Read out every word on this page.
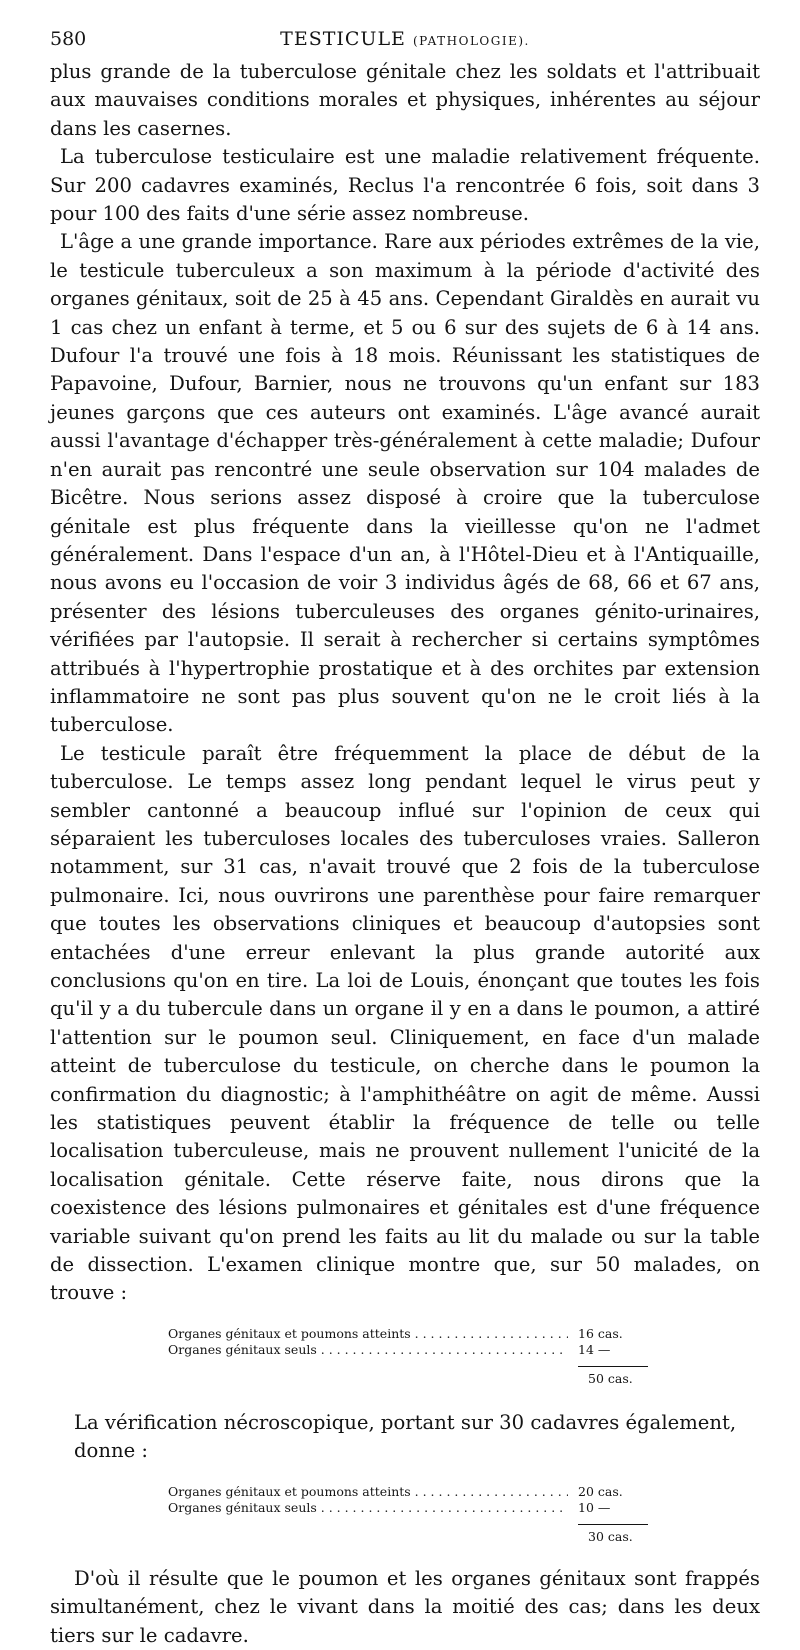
580	TESTICULE (PATHOLOGIE).

plus grande de la tuberculose génitale chez les soldats et l'attribuait aux mauvaises conditions morales et physiques, inhérentes au séjour dans les casernes.

La tuberculose testiculaire est une maladie relativement fréquente. Sur 200 cadavres examinés, Reclus l'a rencontrée 6 fois, soit dans 3 pour 100 des faits d'une série assez nombreuse.

L'âge a une grande importance. Rare aux périodes extrêmes de la vie, le testicule tuberculeux a son maximum à la période d'activité des organes génitaux, soit de 25 à 45 ans. Cependant Giraldès en aurait vu 1 cas chez un enfant à terme, et 5 ou 6 sur des sujets de 6 à 14 ans. Dufour l'a trouvé une fois à 18 mois. Réunissant les statistiques de Papavoine, Dufour, Barnier, nous ne trouvons qu'un enfant sur 183 jeunes garçons que ces auteurs ont examinés. L'âge avancé aurait aussi l'avantage d'échapper très-généralement à cette maladie; Dufour n'en aurait pas rencontré une seule observation sur 104 malades de Bicêtre. Nous serions assez disposé à croire que la tuberculose génitale est plus fréquente dans la vieillesse qu'on ne l'admet généralement. Dans l'espace d'un an, à l'Hôtel-Dieu et à l'Antiquaille, nous avons eu l'occasion de voir 3 individus âgés de 68, 66 et 67 ans, présenter des lésions tuberculeuses des organes génito-urinaires, vérifiées par l'autopsie. Il serait à rechercher si certains symptômes attribués à l'hypertrophie prostatique et à des orchites par extension inflammatoire ne sont pas plus souvent qu'on ne le croit liés à la tuberculose.

Le testicule paraît être fréquemment la place de début de la tuberculose. Le temps assez long pendant lequel le virus peut y sembler cantonné a beaucoup influé sur l'opinion de ceux qui séparaient les tuberculoses locales des tuberculoses vraies. Salleron notamment, sur 31 cas, n'avait trouvé que 2 fois de la tuberculose pulmonaire. Ici, nous ouvrirons une parenthèse pour faire remarquer que toutes les observations cliniques et beaucoup d'autopsies sont entachées d'une erreur enlevant la plus grande autorité aux conclusions qu'on en tire. La loi de Louis, énonçant que toutes les fois qu'il y a du tubercule dans un organe il y en a dans le poumon, a attiré l'attention sur le poumon seul. Cliniquement, en face d'un malade atteint de tuberculose du testicule, on cherche dans le poumon la confirmation du diagnostic; à l'amphithéâtre on agit de même. Aussi les statistiques peuvent établir la fréquence de telle ou telle localisation tuberculeuse, mais ne prouvent nullement l'unicité de la localisation génitale. Cette réserve faite, nous dirons que la coexistence des lésions pulmonaires et génitales est d'une fréquence variable suivant qu'on prend les faits au lit du malade ou sur la table de dissection. L'examen clinique montre que, sur 50 malades, on trouve :

Organes génitaux et poumons atteints . . .	16 cas.
Organes génitaux seuls . . .	14 —
50 cas.
La vérification nécroscopique, portant sur 30 cadavres également, donne :
Organes génitaux et poumons atteints . . .	20 cas.
Organes génitaux seuls . . .	10 —
30 cas.
D'où il résulte que le poumon et les organes génitaux sont frappés simultanément, chez le vivant dans la moitié des cas; dans les deux tiers sur le cadavre.
